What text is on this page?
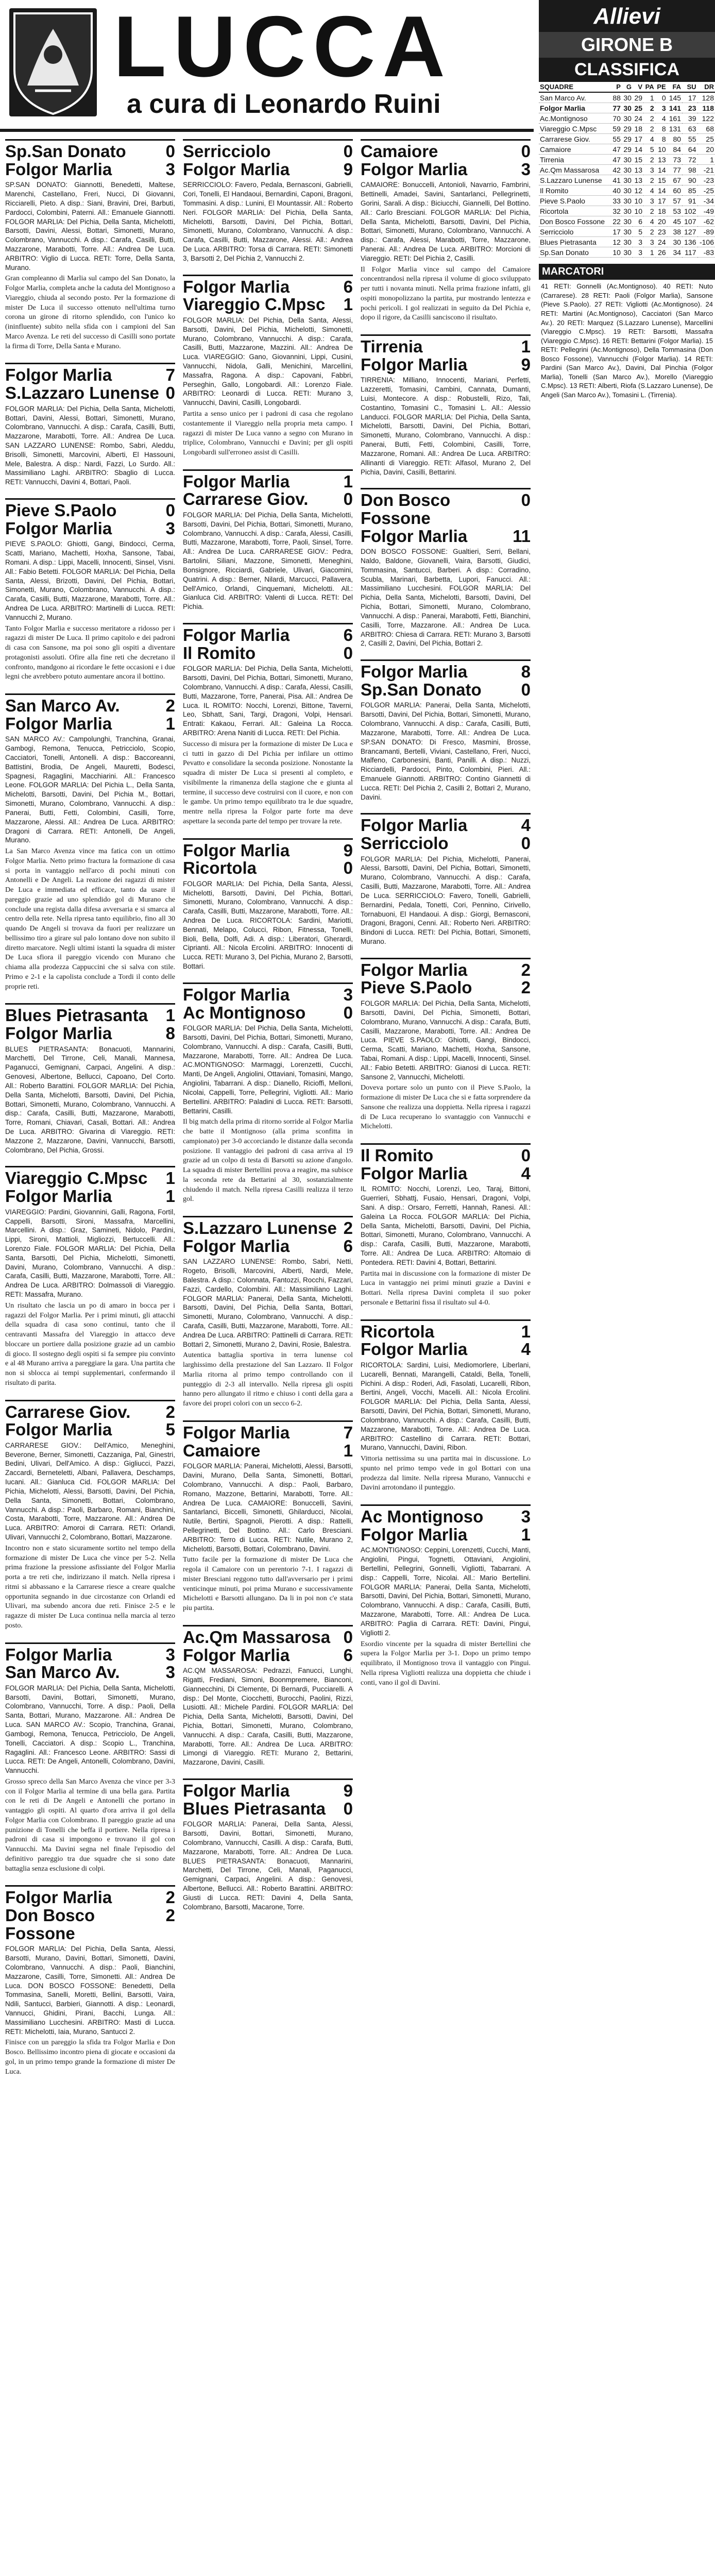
LUCCA
a cura di Leonardo Ruini
Sp.San Donato	0
Folgor Marlia	3
SP.SAN DONATO: Giannotti, Benedetti, Maltese, Marenchi, Castellano, Freri, Nucci, Di Giovanni, Ricciarelli, Pieto. A disp.: Siani, Bravini, Drei, Barbuti, Pardocci, Colombini, Paterni. All.: Emanuele Giannotti. FOLGOR MARLIA: Del Pichia, Della Santa, Michelotti, Barsotti, Davini, Alessi, Bottari, Simonetti, Murano, Colombrano, Vannucchi. A disp.: Carafa, Casilli, Butti, Mazzarone, Marabotti, Torre. All.: Andrea De Luca. ARBITRO: Viglio di Lucca. RETI: Torre, Della Santa, Murano.
Gran compleanno di Marlia sul campo del San Donato, la Folgor Marlia, completa anche la caduta del Montignoso a Viareggio, chiuda al secondo posto. Per la formazione di mister De Luca il successo ottenuto nell'ultima turno corona un girone di ritorno splendido, con l'unico ko (ininfluente) subito nella sfida con i campioni del San Marco Avenza. Le reti del successo di Casilli sono portate la firma di Torre, Della Santa e Murano.
Folgor Marlia	7
S.Lazzaro Lunense 0
FOLGOR MARLIA: Del Pichia, Della Santa, Michelotti, Bottari, Davini, Alessi, Bottari, Simonetti, Murano, Colombrano, Vannucchi. A disp.: Carafa, Casilli, Butti, Mazzarone, Marabotti, Torre. All.: Andrea De Luca. SAN LAZZARO LUNENSE: Rombo, Sabri, Aleddu, Brisolli, Simonetti, Marcovini, Alberti, El Hassouni, Mele, Balestra. A disp.: Nardi, Fazzi, Lo Surdo. All.: Massimiliano Laghi. ARBITRO: Sbaglio di Lucca. RETI: Vannucchi, Davini 4, Bottari, Paoli.
Pieve S.Paolo	0
Folgor Marlia	3
PIEVE S.PAOLO: Ghiotti, Gangi, Bindocci, Cerma, Scatti, Mariano, Machetti, Hoxha, Sansone, Tabai, Romani. A disp.: Lippi, Macelli, Innocenti, Sinsel, Visni. All.: Fabio Betetti. FOLGOR MARLIA: Del Pichia, Della Santa, Alessi, Brizotti, Davini, Del Pichia, Bottari, Simonetti, Murano, Colombrano, Vannucchi. A disp.: Carafa, Casilli, Butti, Mazzarone, Marabotti, Torre. All.: Andrea De Luca. ARBITRO: Martinelli di Lucca. RETI: Vannucchi 2, Murano.
Tanto Folgor Marlia e successo meritatore a ridosso per i ragazzi di mister De Luca. Il primo capitolo e dei padroni di casa con Sansone, ma poi sono gli ospiti a diventare protagonisti assoluti. Ofire alla fine reti che decretano il confronto, mandgono ai ricordare le fette occasioni e i due legni che avrebbero potuto aumentare ancora il bottino.
San Marco Av.	2
Folgor Marlia	1
SAN MARCO AV.: Campolunghi, Tranchina, Granai, Gambogi, Remona, Tenucca, Petricciolo, Scopio, Cacciatori, Tonelli, Antonelli. A disp.: Baccoreanni, Battistini, Brodia, De Angeli, Mauretti, Bodesci, Spagnesi, Ragaglini, Macchiarini. All.: Francesco Leone. FOLGOR MARLIA: Del Pichia L., Della Santa, Michelotti, Barsotti, Davini, Del Pichia M., Bottari, Simonetti, Murano, Colombrano, Vannucchi. A disp.: Panerai, Butti, Fetti, Colombini, Casilli, Torre, Mazzarone, Alessi. All.: Andrea De Luca. ARBITRO: Dragoni di Carrara. RETI: Antonelli, De Angeli, Murano.
La San Marco Avenza vince ma fatica con un ottimo Folgor Marlia. Netto primo fractura la formazione di casa si porta in vantaggio nell'arco di pochi minuti con Antonelli e De Angeli. La reazione dei ragazzi di mister De Luca e immediata ed efficace, tanto da usare il pareggio grazie ad uno splendido gol di Murano che conclude una regista dalla difesa avversaria e si smarca al centro della rete. Nella ripresa tanto equilibrio, fino all 30 quando De Angeli si trovava da fuori per realizzare un bellissimo tiro a girare sul palo lontano dove non subito il diretto marcatore. Negli ultimi istanti la squadra di mister De Luca sfiora il pareggio vicendo con Murano che chiama alla prodezza Cappuccini che si salva con stile. Primo e 2-1 e la capolista conclude a Tordi il conto delle proprie reti.
Blues Pietrasanta	1
Folgor Marlia	8
BLUES PIETRASANTA: Bonacuoti, Mannarini, Marchetti, Del Tirrone, Celi, Manali, Mannesa, Paganucci, Gemignani, Carpaci, Angelini. A disp.: Genovesi, Albertone, Bellucci, Capoano, Del Corto. All.: Roberto Barattini. FOLGOR MARLIA: Del Pichia, Della Santa, Michelotti, Barsotti, Davini, Del Pichia, Bottari, Simonetti, Murano, Colombrano, Vannucchi. A disp.: Carafa, Casilli, Butti, Mazzarone, Marabotti, Torre, Romani, Chiavari, Casali, Bottari. All.: Andrea De Luca. ARBITRO: Givarina di Viareggio. RETI: Mazzone 2, Mazzarone, Davini, Vannucchi, Barsotti, Colombrano, Del Pichia, Grossi.
Viareggio C.Mpsc	1
Folgor Marlia	1
VIAREGGIO: Pardini, Giovannini, Galli, Ragona, Fortil, Cappelli, Barsotti, Sironi, Massafra, Marcellini, Marcellini. A disp.: Graz, Samineti, Nidolo, Pardini, Lippi, Sironi, Mattioli, Migliozzi, Bertuccelli. All.: Lorenzo Fiale. FOLGOR MARLIA: Del Pichia, Della Santa, Barsotti, Del Pichia, Michelotti, Simonetti, Davini, Murano, Colombrano, Vannucchi. A disp.: Carafa, Casilli, Butti, Mazzarone, Marabotti, Torre. All.: Andrea De Luca. ARBITRO: Dolmassoli di Viareggio. RETI: Massafra, Murano.
Un risultato che lascia un po di amaro in bocca per i ragazzi del Folgor Marlia. Per i primi minuti, gli attacchi della squadra di casa sono continui, tanto che il centravanti Massafra del Viareggio in attacco deve bloccare un portiere dalla posizione grazie ad un cambio di gioco. Il sostegno degli ospiti si fa sempre piu convinto e al 48 Murano arriva a pareggiare la gara. Una partita che non si sblocca ai tempi supplementari, confermando il risultato di parita.
Carrarese Giov.	2
Folgor Marlia	5
CARRARESE GIOV.: Dell'Amico, Meneghini, Beverone, Berner, Simonetti, Cazzaniga, Pal, Ginestri, Bedini, Ulivari, Dell'Amico. A disp.: Gigliucci, Pazzi, Zaccardi, Berneteletti, Albani, Pallavera, Deschamps, Iucani. All.: Gianluca Cid. FOLGOR MARLIA: Del Pichia, Michelotti, Alessi, Barsotti, Davini, Del Pichia, Della Santa, Simonetti, Bottari, Colombrano, Vannucchi. A disp.: Paoli, Barbaro, Romani, Bianchini, Costa, Marabotti, Torre, Mazzarone. All.: Andrea De Luca. ARBITRO: Amoroi di Carrara. RETI: Orlandi, Ulivari, Vannucchi 2, Colombrano, Bottari, Mazzarone.
Incontro non e stato sicuramente sortito nel tempo della formazione di mister De Luca che vince per 5-2. Nella prima frazione la pressione asfissiante del Folgor Marlia porta a tre reti che, indirizzano il match. Nella ripresa i ritmi si abbassano e la Carrarese riesce a creare qualche opportunita segnando in due circostanze con Orlandi ed Ulivari, ma subendo ancora due reti. Finisce 2-5 e le ragazze di mister De Luca continua nella marcia al terzo posto.
Folgor Marlia	3
San Marco Av.	3
FOLGOR MARLIA: Del Pichia, Della Santa, Michelotti, Barsotti, Davini, Bottari, Simonetti, Murano, Colombrano, Vannucchi, Torre. A disp.: Paoli, Della Santa, Bottari, Murano, Mazzarone. All.: Andrea De Luca. SAN MARCO AV.: Scopio, Tranchina, Granai, Gambogi, Remona, Tenucca, Petricciolo, De Angeli, Tonelli, Cacciatori. A disp.: Scopio L., Tranchina, Ragaglini. All.: Francesco Leone. ARBITRO: Sassi di Lucca. RETI: De Angeli, Antonelli, Colombrano, Davini, Vannucchi.
Grosso spreco della San Marco Avenza che vince per 3-3 con il Folgor Marlia al termine di una bella gara. Partita con le reti di De Angeli e Antonelli che portano in vantaggio gli ospiti. Al quarto d'ora arriva il gol della Folgor Marlia con Colombrano. Il pareggio grazie ad una punizione di Tonelli che beffa il portiere. Nella ripresa i padroni di casa si impongono e trovano il gol con Vannucchi. Ma Davini segna nel finale l'episodio del definitivo pareggio tra due squadre che si sono date battaglia senza esclusione di colpi.
Folgor Marlia	2
Don Bosco Fossone
2
FOLGOR MARLIA: Del Pichia, Della Santa, Alessi, Barsotti, Murano, Davini, Bottari, Simonetti, Davini, Colombrano, Vannucchi. A disp.: Paoli, Bianchini, Mazzarone, Casilli, Torre, Simonetti. All.: Andrea De Luca. DON BOSCO FOSSONE: Benedetti, Della Tommasina, Sanelli, Moretti, Bellini, Barsotti, Vaira, Ndili, Santucci, Barbieri, Giannotti. A disp.: Leonardi, Vannucci, Ghidini, Pirani, Bacchi, Lunga. All.: Massimiliano Lucchesini. ARBITRO: Masti di Lucca. RETI: Michelotti, Iaia, Murano, Santucci 2.
Finisce con un pareggio la sfida tra Folgor Marlia e Don Bosco. Bellissimo incontro piena di giocate e occasioni da gol, in un primo tempo grande la formazione di mister De Luca.
Serricciolo	0
Folgor Marlia	9
SERRICCIOLO: Favero, Pedala, Bernasconi, Gabrielli, Cori, Tonelli, El Handaoui, Bernardini, Caponi, Bragoni, Tommasini. A disp.: Lunini, El Mountassir. All.: Roberto Neri. FOLGOR MARLIA: Del Pichia, Della Santa, Michelotti, Barsotti, Davini, Del Pichia, Bottari, Simonetti, Murano, Colombrano, Vannucchi. A disp.: Carafa, Casilli, Butti, Mazzarone, Alessi. All.: Andrea De Luca. ARBITRO: Torsa di Carrara. RETI: Simonetti 3, Barsotti 2, Del Pichia 2, Vannucchi 2.
Folgor Marlia	6
Viareggio C.Mpsc	1
FOLGOR MARLIA: Del Pichia, Della Santa, Alessi, Barsotti, Davini, Del Pichia, Michelotti, Simonetti, Murano, Colombrano, Vannucchi. A disp.: Carafa, Casilli, Butti, Mazzarone, Mazzini. All.: Andrea De Luca. VIAREGGIO: Gano, Giovannini, Lippi, Cusini, Vannucchi, Nidola, Galli, Menichini, Marcellini, Massafra, Ragona. A disp.: Capovani, Fabbri, Perseghin, Gallo, Longobardi. All.: Lorenzo Fiale. ARBITRO: Leonardi di Lucca. RETI: Murano 3, Vannucchi, Davini, Casilli, Longobardi.
Partita a senso unico per i padroni di casa che regolano costantemente il Viareggio nella propria meta campo. I ragazzi di mister De Luca vanno a segno con Murano in triplice, Colombrano, Vannucchi e Davini; per gli ospiti Longobardi sull'erroneo assist di Casilli.
Folgor Marlia	1
Carrarese Giov.	0
FOLGOR MARLIA: Del Pichia, Della Santa, Michelotti, Barsotti, Davini, Del Pichia, Bottari, Simonetti, Murano, Colombrano, Vannucchi. A disp.: Carafa, Alessi, Casilli, Butti, Mazzarone, Marabotti, Torre, Paoli, Sinsel, Torre. All.: Andrea De Luca. CARRARESE GIOV.: Pedra, Bartolini, Siliani, Mazzone, Simonetti, Meneghini, Bonsignore, Ricciardi, Gabriele, Ulivari, Giacomini, Quatrini. A disp.: Berner, Nilardi, Marcucci, Pallavera, Dell'Amico, Orlandi, Cinquemani, Michelotti. All.: Gianluca Cid. ARBITRO: Valenti di Lucca. RETI: Del Pichia.
Folgor Marlia	6
Il Romito	0
FOLGOR MARLIA: Del Pichia, Della Santa, Michelotti, Barsotti, Davini, Del Pichia, Bottari, Simonetti, Murano, Colombrano, Vannucchi. A disp.: Carafa, Alessi, Casilli, Butti, Mazzarone, Torre, Panerai, Pisa. All.: Andrea De Luca. IL ROMITO: Nocchi, Lorenzi, Bittone, Taverni, Leo, Sbhatt, Sani, Targi, Dragoni, Volpi, Hensari. Entrati: Kakaou, Ferrari. All.: Galeina La Rocca. ARBITRO: Arena Naniti di Lucca. RETI: Del Pichia.
Successo di misura per la formazione di mister De Luca e ci tutti in gazzo di Del Pichia per infilare un ottimo Pevatto e consolidare la seconda posizione. Nonostante la squadra di mister De Luca si presenti al completo, e visibilmente la rimanenza della stagione che e giunta al termine, il successo deve costruirsi con il cuore, e non con le gambe. Un primo tempo equilibrato tra le due squadre, mentre nella ripresa la Folgor parte forte ma deve aspettare la seconda parte del tempo per trovare la rete.
Folgor Marlia	9
Ricortola	0
FOLGOR MARLIA: Del Pichia, Della Santa, Alessi, Michelotti, Barsotti, Davini, Del Pichia, Bottari, Simonetti, Murano, Colombrano, Vannucchi. A disp.: Carafa, Casilli, Butti, Mazzarone, Marabotti, Torre. All.: Andrea De Luca. RICORTOLA: Sardini, Mariotti, Bennati, Melapo, Colucci, Ribon, Fitnessa, Tonelli, Bioli, Bella, Dolfi, Adi. A disp.: Liberatori, Gherardi, Ciprianti. All.: Nicola Ercolini. ARBITRO: Innocenti di Lucca. RETI: Murano 3, Del Pichia, Murano 2, Barsotti, Bottari.
Folgor Marlia	3
Ac Montignoso	0
FOLGOR MARLIA: Del Pichia, Della Santa, Michelotti, Barsotti, Davini, Del Pichia, Bottari, Simonetti, Murano, Colombrano, Vannucchi. A disp.: Carafa, Casilli, Butti, Mazzarone, Marabotti, Torre. All.: Andrea De Luca. AC.MONTIGNOSO: Marmaggi, Lorenzetti, Cucchi, Manti, De Angeli, Angiolini, Ottaviani, Tomasini, Mango, Angiolini, Tabarrani. A disp.: Dianello, Ricioffi, Melloni, Nicolai, Cappelli, Torre, Pellegrini, Vigliotti. All.: Mario Bertellini. ARBITRO: Paladini di Lucca. RETI: Barsotti, Bettarini, Casilli.
Il big match della prima di ritorno sorride al Folgor Marlia che batte il Montignoso (alla prima sconfitta in campionato) per 3-0 accorciando le distanze dalla seconda posizione. Il vantaggio dei padroni di casa arriva al 19 grazie ad un colpo di testa di Barsotti su azione d'angolo. La squadra di mister Bertellini prova a reagire, ma subisce la seconda rete da Bettarini al 30, sostanzialmente chiudendo il match. Nella ripresa Casilli realizza il terzo gol.
S.Lazzaro Lunense 2
Folgor Marlia	6
SAN LAZZARO LUNENSE: Rombo, Sabri, Netti, Rogeto, Brisolli, Marcovini, Alberti, Nardi, Mele, Balestra. A disp.: Colonnata, Fantozzi, Rocchi, Fazzari, Fazzi, Cardello, Colombini. All.: Massimiliano Laghi. FOLGOR MARLIA: Panerai, Della Santa, Michelotti, Barsotti, Davini, Del Pichia, Della Santa, Bottari, Simonetti, Murano, Colombrano, Vannucchi. A disp.: Carafa, Casilli, Butti, Mazzarone, Marabotti, Torre. All.: Andrea De Luca. ARBITRO: Pattinelli di Carrara. RETI: Bottari 2, Simonetti, Murano 2, Davini, Rosie, Balestra.
Autentica battaglia sportiva in terra lunense col larghissimo della prestazione del San Lazzaro. Il Folgor Marlia ritorna al primo tempo controllando con il punteggio di 2-3 all intervallo. Nella ripresa gli ospiti hanno pero allungato il ritmo e chiuso i conti della gara a favore dei propri colori con un secco 6-2.
Folgor Marlia	7
Camaiore	1
FOLGOR MARLIA: Panerai, Michelotti, Alessi, Barsotti, Davini, Murano, Della Santa, Simonetti, Bottari, Colombrano, Vannucchi. A disp.: Paoli, Barbaro, Romano, Mazzone, Bettarini, Marabotti, Torre. All.: Andrea De Luca. CAMAIORE: Bonuccelli, Savini, Santarlanci, Biccelli, Simonetti, Ghilarducci, Nicolai, Nutile, Bertini, Spagnoli, Pierotti. A disp.: Rattelli, Pellegrinetti, Del Bottino. All.: Carlo Bresciani. ARBITRO: Terro di Lucca. RETI: Nutile, Murano 2, Michelotti, Barsotti, Bottari, Colombrano, Davini.
Tutto facile per la formazione di mister De Luca che regola il Camaiore con un perentorio 7-1. I ragazzi di mister Bresciani reggono tutto dall'avversario per i primi venticinque minuti, poi prima Murano e successivamente Michelotti e Barsotti allungano. Da li in poi non c'e stata piu partita.
Ac.Qm Massarosa 0
Folgor Marlia	6
AC.QM MASSAROSA: Pedrazzi, Fanucci, Lunghi, Rigatti, Frediani, Simoni, Boonmpremere, Bianconi, Giannecchini, Di Clemente, Di Bernardi, Pucciarelli. A disp.: Del Monte, Ciocchetti, Burocchi, Paolini, Rizzi, Lusiotti. All.: Michele Pardini. FOLGOR MARLIA: Del Pichia, Della Santa, Michelotti, Barsotti, Davini, Del Pichia, Bottari, Simonetti, Murano, Colombrano, Vannucchi. A disp.: Carafa, Casilli, Butti, Mazzarone, Marabotti, Torre. All.: Andrea De Luca. ARBITRO: Limongi di Viareggio. RETI: Murano 2, Bettarini, Mazzarone, Davini, Casilli.
Folgor Marlia	9
Blues Pietrasanta	0
FOLGOR MARLIA: Panerai, Della Santa, Alessi, Barsotti, Davini, Bottari, Simonetti, Murano, Colombrano, Vannucchi, Casilli. A disp.: Carafa, Butti, Mazzarone, Marabotti, Torre. All.: Andrea De Luca. BLUES PIETRASANTA: Bonacuoti, Mannarini, Marchetti, Del Tirrone, Celi, Manali, Paganucci, Gemignani, Carpaci, Angelini. A disp.: Genovesi, Albertone, Bellucci. All.: Roberto Barattini. ARBITRO: Giusti di Lucca. RETI: Davini 4, Della Santa, Colombrano, Barsotti, Macarone, Torre.
Camaiore	0
Folgor Marlia	3
CAMAIORE: Bonuccelli, Antonioli, Navarrio, Fambrini, Bettinelli, Amadei, Savini, Santarlanci, Pellegrinetti, Gorini, Sarali. A disp.: Biciucchi, Giannelli, Del Bottino. All.: Carlo Bresciani. FOLGOR MARLIA: Del Pichia, Della Santa, Michelotti, Barsotti, Davini, Del Pichia, Bottari, Simonetti, Murano, Colombrano, Vannucchi. A disp.: Carafa, Alessi, Marabotti, Torre, Mazzarone, Panerai. All.: Andrea De Luca. ARBITRO: Morcioni di Viareggio. RETI: Del Pichia 2, Casilli.
Il Folgor Marlia vince sul campo del Camaiore concentrandosi nella ripresa il volume di gioco sviluppato per tutti i novanta minuti. Nella prima frazione infatti, gli ospiti monopolizzano la partita, pur mostrando lentezza e pochi pericoli. I gol realizzati in seguito da Del Pichia e, dopo il rigore, da Casilli sanciscono il risultato.
Tirrenia	1
Folgor Marlia	9
TIRRENIA: Milliano, Innocenti, Mariani, Perfetti, Lazzeretti, Tomasini, Cambini, Cannata, Dumanti, Luisi, Montecore. A disp.: Robustelli, Rizo, Tali, Costantino, Tomasini C., Tomasini L. All.: Alessio Landucci. FOLGOR MARLIA: Del Pichia, Della Santa, Michelotti, Barsotti, Davini, Del Pichia, Bottari, Simonetti, Murano, Colombrano, Vannucchi. A disp.: Panerai, Butti, Fetti, Colombini, Casilli, Torre, Mazzarone, Romani. All.: Andrea De Luca. ARBITRO: Allinanti di Viareggio. RETI: Alfasol, Murano 2, Del Pichia, Davini, Casilli, Bettarini.
Don Bosco Fossone
0
Folgor Marlia	11
DON BOSCO FOSSONE: Gualtieri, Serri, Bellani, Naldo, Baldone, Giovanelli, Vaira, Barsotti, Giudici, Tommasina, Santucci, Barberi. A disp.: Corradino, Scubla, Marinari, Barbetta, Lupori, Fanucci. All.: Massimiliano Lucchesini. FOLGOR MARLIA: Del Pichia, Della Santa, Michelotti, Barsotti, Davini, Del Pichia, Bottari, Simonetti, Murano, Colombrano, Vannucchi. A disp.: Panerai, Marabotti, Fetti, Bianchini, Casilli, Torre, Mazzarone. All.: Andrea De Luca. ARBITRO: Chiesa di Carrara. RETI: Murano 3, Barsotti 2, Casilli 2, Davini, Del Pichia, Bottari 2.
Folgor Marlia	8
Sp.San Donato	0
FOLGOR MARLIA: Panerai, Della Santa, Michelotti, Barsotti, Davini, Del Pichia, Bottari, Simonetti, Murano, Colombrano, Vannucchi. A disp.: Carafa, Casilli, Butti, Mazzarone, Marabotti, Torre. All.: Andrea De Luca. SP.SAN DONATO: Di Fresco, Masmini, Brosse, Brancamanti, Bertelli, Viviani, Castellano, Freri, Nucci, Malfeno, Carbonesini, Banti, Panilli. A disp.: Nuzzi, Ricciardelli, Pardocci, Pinto, Colombini, Pieri. All.: Emanuele Giannotti. ARBITRO: Contino Giannetti di Lucca. RETI: Del Pichia 2, Casilli 2, Bottari 2, Murano, Davini.
Folgor Marlia	4
Serricciolo	0
FOLGOR MARLIA: Del Pichia, Michelotti, Panerai, Alessi, Barsotti, Davini, Del Pichia, Bottari, Simonetti, Murano, Colombrano, Vannucchi. A disp.: Carafa, Casilli, Butti, Mazzarone, Marabotti, Torre. All.: Andrea De Luca. SERRICCIOLO: Favero, Tonelli, Gabrielli, Bernardini, Pedala, Tonetti, Cori, Pennino, Cirivello, Tornabuoni, El Handaoui. A disp.: Giorgi, Bernasconi, Dragoni, Bragoni, Cenni. All.: Roberto Neri. ARBITRO: Bindoni di Lucca. RETI: Del Pichia, Bottari, Simonetti, Murano.
Folgor Marlia	2
Pieve S.Paolo	2
FOLGOR MARLIA: Del Pichia, Della Santa, Michelotti, Barsotti, Davini, Del Pichia, Simonetti, Bottari, Colombrano, Murano, Vannucchi. A disp.: Carafa, Butti, Casilli, Mazzarone, Marabotti, Torre. All.: Andrea De Luca. PIEVE S.PAOLO: Ghiotti, Gangi, Bindocci, Cerma, Scatti, Mariano, Machetti, Hoxha, Sansone, Tabai, Romani. A disp.: Lippi, Macelli, Innocenti, Sinsel. All.: Fabio Betetti. ARBITRO: Gianosi di Lucca. RETI: Sansone 2, Vannucchi, Michelotti.
Doveva portare solo un punto con il Pieve S.Paolo, la formazione di mister De Luca che si e fatta sorprendere da Sansone che realizza una doppietta. Nella ripresa i ragazzi di De Luca recuperano lo svantaggio con Vannucchi e Michelotti.
Il Romito	0
Folgor Marlia	4
IL ROMITO: Nocchi, Lorenzi, Leo, Taraj, Bittoni, Guerrieri, Sbhattj, Fusaio, Hensari, Dragoni, Volpi, Sani. A disp.: Orsaro, Ferretti, Hannah, Ranesi. All.: Galeina La Rocca. FOLGOR MARLIA: Del Pichia, Della Santa, Michelotti, Barsotti, Davini, Del Pichia, Bottari, Simonetti, Murano, Colombrano, Vannucchi. A disp.: Carafa, Casilli, Butti, Mazzarone, Marabotti, Torre. All.: Andrea De Luca. ARBITRO: Altomaio di Pontedera. RETI: Davini 4, Bottari, Bettarini.
Partita mai in discussione con la formazione di mister De Luca in vantaggio nei primi minuti grazie a Davini e Bottari. Nella ripresa Davini completa il suo poker personale e Bettarini fissa il risultato sul 4-0.
Ricortola	1
Folgor Marlia	4
RICORTOLA: Sardini, Luisi, Mediomorlere, Liberlani, Lucarelli, Bennati, Marangelli, Cataldi, Bella, Tonelli, Pichini. A disp.: Roderi, Adi, Fasolati, Lucarelli, Ribon, Bertini, Angeli, Vocchi, Macelli. All.: Nicola Ercolini. FOLGOR MARLIA: Del Pichia, Della Santa, Alessi, Barsotti, Davini, Del Pichia, Bottari, Simonetti, Murano, Colombrano, Vannucchi. A disp.: Carafa, Casilli, Butti, Mazzarone, Marabotti, Torre. All.: Andrea De Luca. ARBITRO: Castellino di Carrara. RETI: Bottari, Murano, Vannucchi, Davini, Ribon.
Vittoria nettissima su una partita mai in discussione. Lo spunto nel primo tempo vede in gol Bottari con una prodezza dal limite. Nella ripresa Murano, Vannucchi e Davini arrotondano il punteggio.
Ac Montignoso	3
Folgor Marlia	1
AC.MONTIGNOSO: Ceppini, Lorenzetti, Cucchi, Manti, Angiolini, Pingui, Tognetti, Ottaviani, Angiolini, Bertellini, Pellegrini, Gonnelli, Vigliotti, Tabarrani. A disp.: Cappelli, Torre, Nicolai. All.: Mario Bertellini. FOLGOR MARLIA: Panerai, Della Santa, Michelotti, Barsotti, Davini, Del Pichia, Bottari, Simonetti, Murano, Colombrano, Vannucchi. A disp.: Carafa, Casilli, Butti, Mazzarone, Marabotti, Torre. All.: Andrea De Luca. ARBITRO: Paglia di Carrara. RETI: Davini, Pingui, Vigliotti 2.
Esordio vincente per la squadra di mister Bertellini che supera la Folgor Marlia per 3-1. Dopo un primo tempo equilibrato, il Montignoso trova il vantaggio con Pingui. Nella ripresa Vigliotti realizza una doppietta che chiude i conti, vano il gol di Davini.
Allievi
GIRONE B
CLASSIFICA
SQUADRE	P	G	V	PA	PE	FA	SU	DR
San Marco Av.	88	30	29	1	0	145	17	128
Folgor Marlia	77	30	25	2	3	141	23	118
Ac.Montignoso	70	30	24	2	4	161	39	122
Viareggio C.Mpsc	59	29	18	2	8	131	63	68
Carrarese Giov.	55	29	17	4	8	80	55	25
Camaiore	47	29	14	5	10	84	64	20
Tirrenia	47	30	15	2	13	73	72	1
Ac.Qm Massarosa	42	30	13	3	14	77	98	-21
S.Lazzaro Lunense	41	30	13	2	15	67	90	-23
Il Romito	40	30	12	4	14	60	85	-25
Pieve S.Paolo	33	30	10	3	17	57	91	-34
Ricortola	32	30	10	2	18	53	102	-49
Don Bosco Fossone	22	30	6	4	20	45	107	-62
Serricciolo	17	30	5	2	23	38	127	-89
Blues Pietrasanta	12	30	3	3	24	30	136	-106
Sp.San Donato	10	30	3	1	26	34	117	-83
MARCATORI
41 RETI: Gonnelli (Ac.Montignoso). 40 RETI: Nuto (Carrarese). 28 RETI: Paoli (Folgor Marlia), Sansone (Pieve S.Paolo). 27 RETI: Vigliotti (Ac.Montignoso). 24 RETI: Martini (Ac.Montignoso), Cacciatori (San Marco Av.). 20 RETI: Marquez (S.Lazzaro Lunense), Marcellini (Viareggio C.Mpsc). 19 RETI: Barsotti, Massafra (Viareggio C.Mpsc). 16 RETI: Bettarini (Folgor Marlia). 15 RETI: Pellegrini (Ac.Montignoso), Della Tommasina (Don Bosco Fossone), Vannucchi (Folgor Marlia). 14 RETI: Pardini (San Marco Av.), Davini, Dal Pinchia (Folgor Marlia), Tonelli (San Marco Av.), Morello (Viareggio C.Mpsc). 13 RETI: Alberti, Riofa (S.Lazzaro Lunense), De Angeli (San Marco Av.), Tomasini L. (Tirrenia).
